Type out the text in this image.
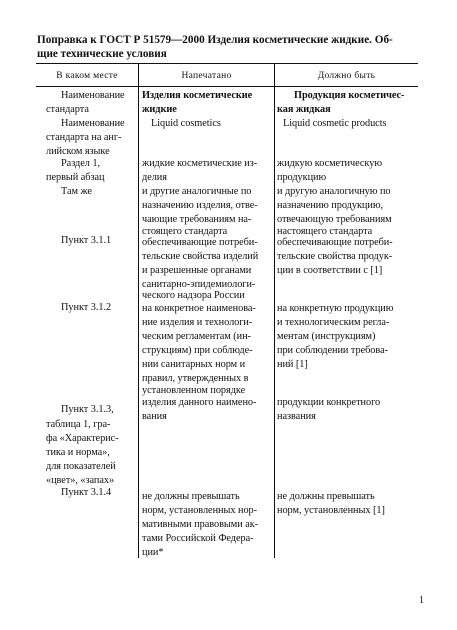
Поправка к ГОСТ Р 51579—2000 Изделия косметические жидкие. Об-
щие технические условия
В каком месте	Напечатано	Должно быть
Наименование
стандарта
Наименование
стандарта на анг-
лийском языке
Раздел 1,
первый абзац
Там же
Пункт 3.1.1
Пункт 3.1.2
Пункт 3.1.3,
таблица 1, гра-
фа «Характерис-
тика и норма»,
для показателей
«цвет», «запах»
Пункт 3.1.4
Изделия косметические
жидкие
Liquid cosmetics
жидкие косметические из-
делия
и другие аналогичные по
назначению изделия, отве-
чающие требованиям на-
стоящего стандарта
обеспечивающие потреби-
тельские свойства изделий
и разрешенные органами
санитарно-эпидемиологи-
ческого надзора России
на конкретное наименова-
ние изделия и технологи-
ческим регламентам (ин-
струкциям) при соблюде-
нии санитарных норм и
правил, утвержденных в
установленном порядке
изделия данного наимено-
вания
не должны превышать
норм, установленных нор-
мативными правовыми ак-
тами Российской Федера-
ции*
Продукция косметичес-
кая жидкая
Liquid cosmetic products
жидкую косметическую
продукцию
и другую аналогичную по
назначению продукцию,
отвечающую требованиям
настоящего стандарта
обеспечивающие потреби-
тельские свойства продук-
ции в соответствии с [1]
на конкретную продукцию
и технологическим регла-
ментам (инструкциям)
при соблюдении требова-
ний [1]
продукции конкретного
названия
не должны превышать
норм, установленных [1]
1
